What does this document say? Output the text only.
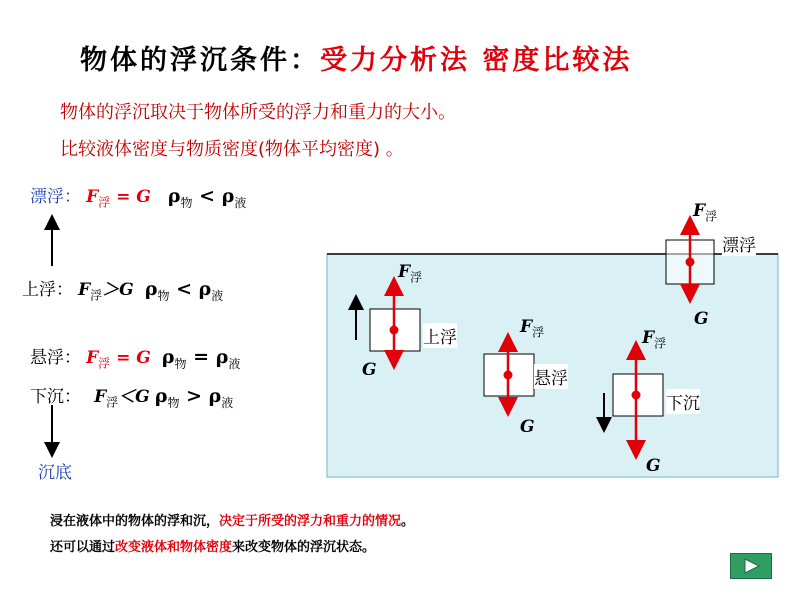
物体的浮沉条件：受力分析法 密度比较法
物体的浮沉取决于物体所受的浮力和重力的大小。
比较液体密度与物质密度(物体平均密度) 。
漂浮： $F_浮 = G$ $\rho_物 < \rho_液$
上浮： $F_浮>G$ $\rho_物 < \rho_液$
悬浮： $F_浮 = G$ $\rho_物 = \rho_液$
下沉： $F_浮<G$ $\rho_物 > \rho_液$
沉底
漂浮
上浮
悬浮
下沉
$F_浮$
G
$F_浮$
G
$F_浮$
G
$F_浮$
G
浸在液体中的物体的浮和沉，决定于所受的浮力和重力的情况。
还可以通过改变液体和物体密度来改变物体的浮沉状态。
